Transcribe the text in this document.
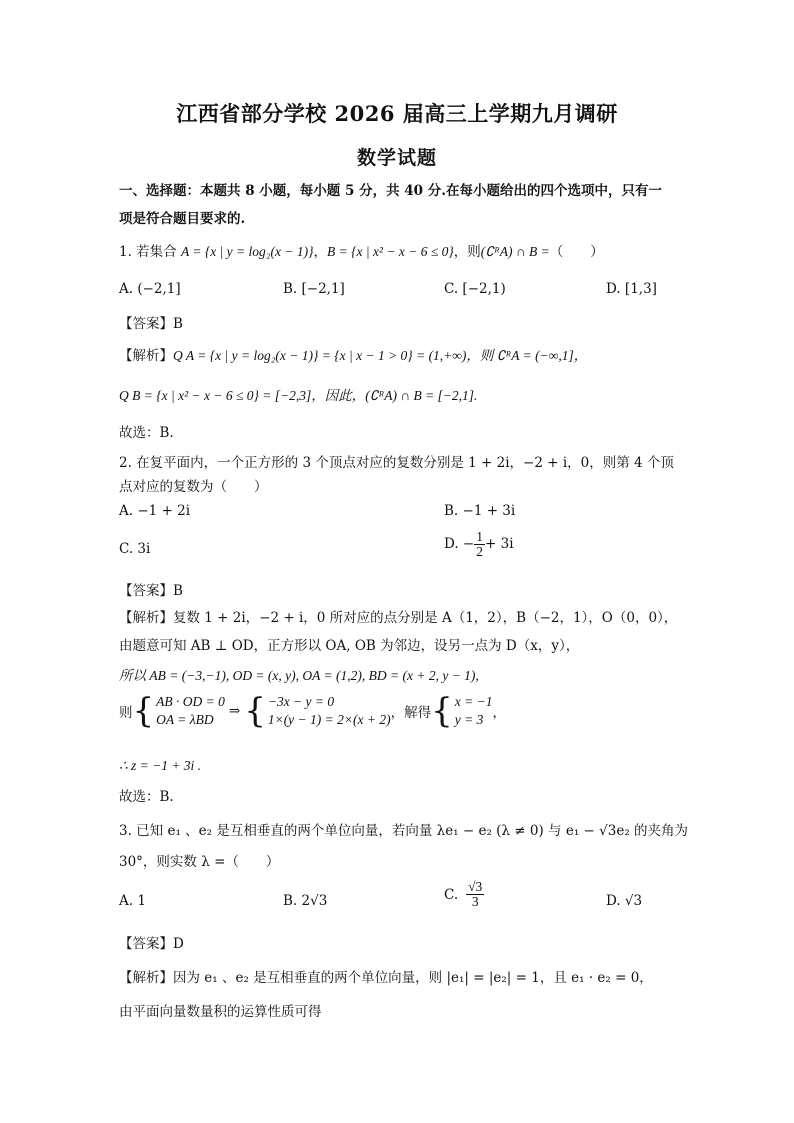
江西省部分学校 2026 届高三上学期九月调研
数学试题
一、选择题：本题共 8 小题，每小题 5 分，共 40 分.在每小题给出的四个选项中，只有一
项是符合题目要求的.
1. 若集合 A = {x | y = log₂(x − 1)}，B = {x | x² − x − 6 ≤ 0}，则(∁ᴿA) ∩ B =（　　）
A. (−2,1]	B. [−2,1]	C. [−2,1)	D. [1,3]
【答案】B
【解析】Q A = {x | y = log₂(x − 1)} = {x | x − 1 > 0} = (1,+∞)，则 ∁ᴿA = (−∞,1]，
Q B = {x | x² − x − 6 ≤ 0} = [−2,3]，因此，(∁ᴿA) ∩ B = [−2,1].
故选：B.
2. 在复平面内，一个正方形的 3 个顶点对应的复数分别是 1 + 2i，−2 + i，0，则第 4 个顶
点对应的复数为（　　）
A. −1 + 2i	B. −1 + 3i
C. 3i	D. − $\frac{1}{2} + 3i$
【答案】B
【解析】复数 1 + 2i，−2 + i，0 所对应的点分别是 A（1，2），B（−2，1），O（0，0），
由题意可知 AB ⊥ OD，正方形以 OA, OB 为邻边，设另一点为 D（x，y），
所以 AB = (−3,−1), OD = (x, y), OA = (1,2), BD = (x + 2, y − 1),
则{ AB · OD = 0
OA = λBD
⇒ { −3x − y = 0
1×(y − 1) = 2×(x + 2) ，解得{ x = −1
y = 3 ，
∴ z = −1 + 3i .
故选：B.
3. 已知 e₁ 、e₂ 是互相垂直的两个单位向量，若向量 λe₁ − e₂ (λ ≠ 0) 与 e₁ − √3e₂ 的夹角为
30°，则实数 λ =（　　）
A. 1	B. 2√3	C. $\frac{√3}{3}$	D. √3
【答案】D
【解析】因为 e₁ 、e₂ 是互相垂直的两个单位向量，则 |e₁| = |e₂| = 1，且 e₁ · e₂ = 0，
由平面向量数量积的运算性质可得
